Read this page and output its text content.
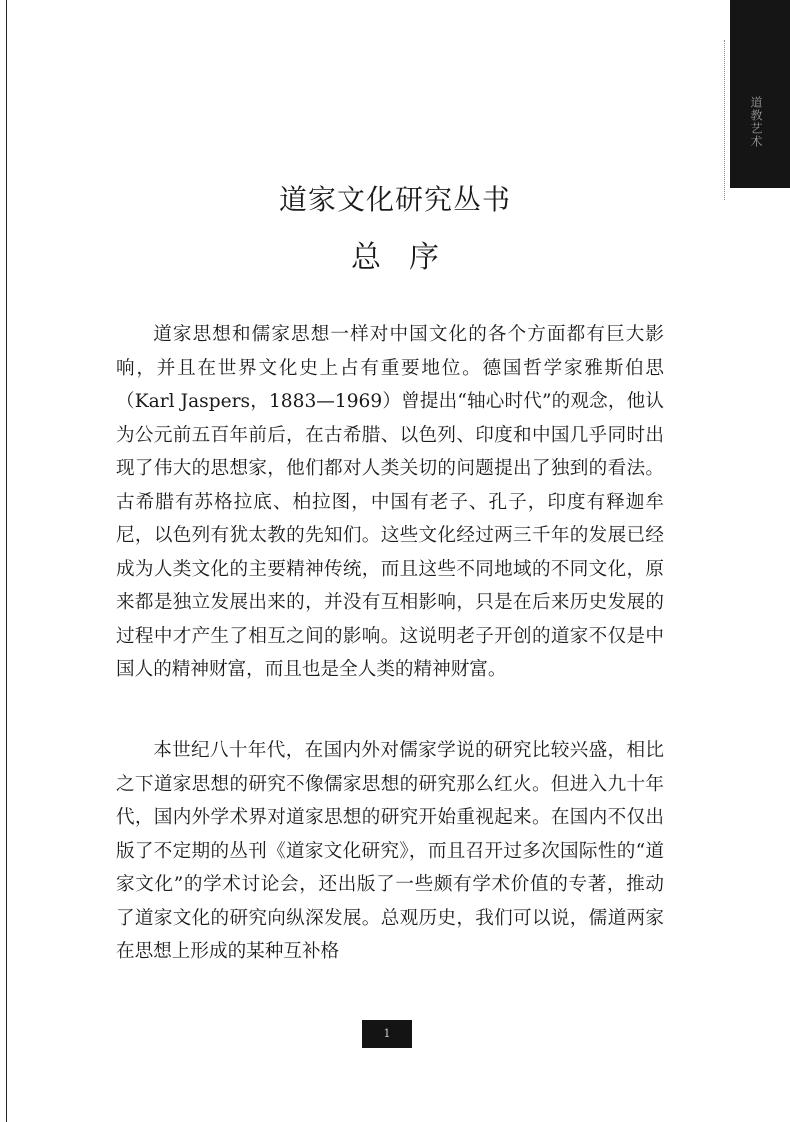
道教艺术
道家文化研究丛书
总序

道家思想和儒家思想一样对中国文化的各个方面都有巨大影响，并且在世界文化史上占有重要地位。德国哲学家雅斯伯思（Karl Jaspers，1883—1969）曾提出“轴心时代”的观念，他认为公元前五百年前后，在古希腊、以色列、印度和中国几乎同时出现了伟大的思想家，他们都对人类关切的问题提出了独到的看法。古希腊有苏格拉底、柏拉图，中国有老子、孔子，印度有释迦牟尼，以色列有犹太教的先知们。这些文化经过两三千年的发展已经成为人类文化的主要精神传统，而且这些不同地域的不同文化，原来都是独立发展出来的，并没有互相影响，只是在后来历史发展的过程中才产生了相互之间的影响。这说明老子开创的道家不仅是中国人的精神财富，而且也是全人类的精神财富。

本世纪八十年代，在国内外对儒家学说的研究比较兴盛，相比之下道家思想的研究不像儒家思想的研究那么红火。但进入九十年代，国内外学术界对道家思想的研究开始重视起来。在国内不仅出版了不定期的丛刊《道家文化研究》，而且召开过多次国际性的“道家文化”的学术讨论会，还出版了一些颇有学术价值的专著，推动了道家文化的研究向纵深发展。总观历史，我们可以说，儒道两家在思想上形成的某种互补格

1
